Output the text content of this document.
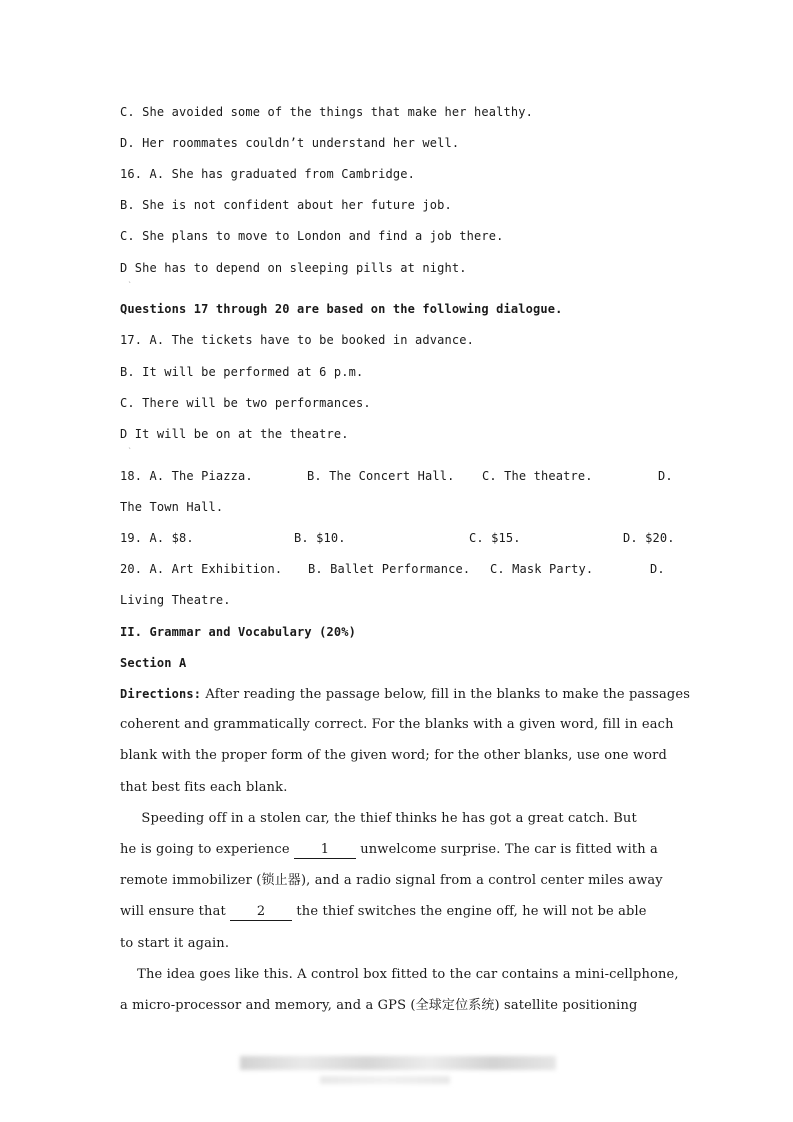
C. She avoided some of the things that make her healthy.
D. Her roommates couldn’t understand her well.
16. A. She has graduated from Cambridge.
B. She is not confident about her future job.
C. She plans to move to London and find a job there.
D She has to depend on sleeping pills at night.
`
Questions 17 through 20 are based on the following dialogue.
17. A. The tickets have to be booked in advance.
B. It will be performed at 6 p.m.
C. There will be two performances.
D It will be on at the theatre.
`

18. A. The Piazza.

	B. The Concert Hall.

C. The theatre.

	D.

The Town Hall.

19. A. $8.

	B. $10.

	C. $15.

	D. $20.

20. A. Art Exhibition.

B. Ballet Performance.

C. Mask Party.

	D.

Living Theatre.
II. Grammar and Vocabulary (20%)
Section A
Directions: After reading the passage below, fill in the blanks to make the passages
coherent and grammatically correct. For the blanks with a given word, fill in each
blank with the proper form of the given word; for the other blanks, use one word
that best fits each blank.
Speeding off in a stolen car, the thief thinks he has got a great catch. But
he is going to experience 1 unwelcome surprise. The car is fitted with a
remote immobilizer (锁止器), and a radio signal from a control center miles away
will ensure that 2 the thief switches the engine off, he will not be able
to start it again.
The idea goes like this. A control box fitted to the car contains a mini-cellphone,
a micro-processor and memory, and a GPS (全球定位系统) satellite positioning
